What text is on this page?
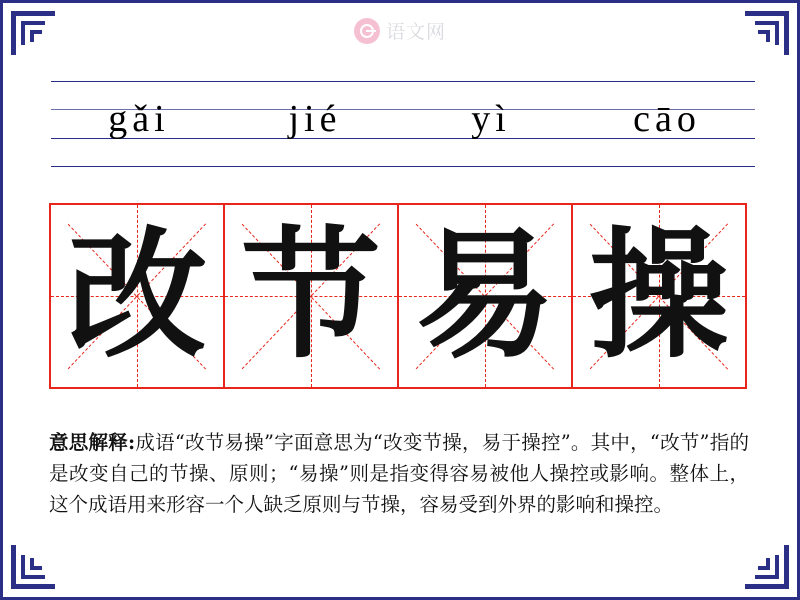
语文网
gǎi	jié	yì	cāo
改 节 易 操
意思解释:成语“改节易操”字面意思为“改变节操，易于操控”。其中，“改节”指的是改变自己的节操、原则；“易操”则是指变得容易被他人操控或影响。整体上，这个成语用来形容一个人缺乏原则与节操，容易受到外界的影响和操控。
